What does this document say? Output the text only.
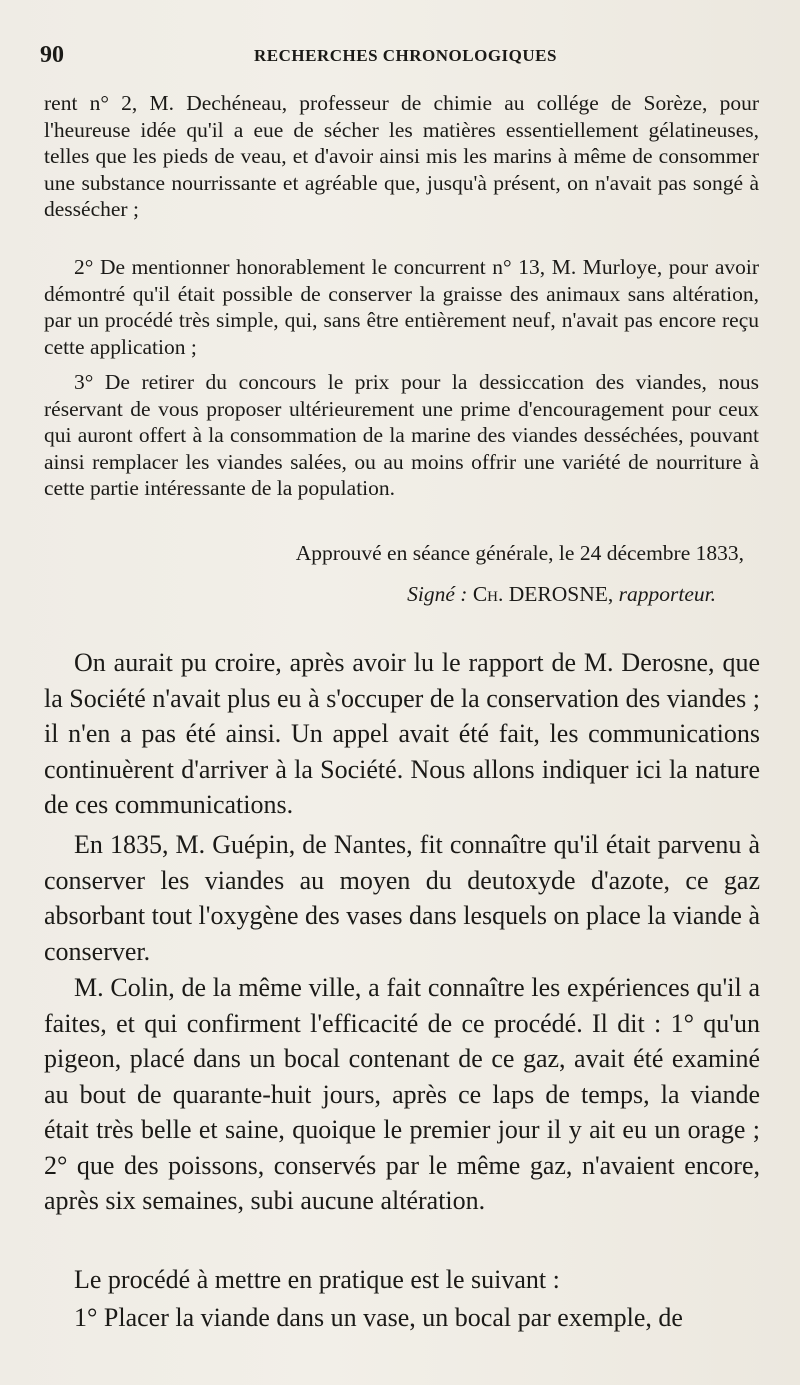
90	RECHERCHES CHRONOLOGIQUES

rent n° 2, M. Dechéneau, professeur de chimie au collége de Sorèze, pour l'heureuse idée qu'il a eue de sécher les matières essentiellement gélatineuses, telles que les pieds de veau, et d'avoir ainsi mis les marins à même de consommer une substance nourrissante et agréable que, jusqu'à présent, on n'avait pas songé à dessécher ;

2° De mentionner honorablement le concurrent n° 13, M. Murloye, pour avoir démontré qu'il était possible de conserver la graisse des animaux sans altération, par un procédé très simple, qui, sans être entièrement neuf, n'avait pas encore reçu cette application ;

3° De retirer du concours le prix pour la dessiccation des viandes, nous réservant de vous proposer ultérieurement une prime d'encouragement pour ceux qui auront offert à la consommation de la marine des viandes desséchées, pouvant ainsi remplacer les viandes salées, ou au moins offrir une variété de nourriture à cette partie intéressante de la population.

Approuvé en séance générale, le 24 décembre 1833,

Signé : Ch. DEROSNE, rapporteur.

On aurait pu croire, après avoir lu le rapport de M. Derosne, que la Société n'avait plus eu à s'occuper de la conservation des viandes ; il n'en a pas été ainsi. Un appel avait été fait, les communications continuèrent d'arriver à la Société. Nous allons indiquer ici la nature de ces communications.

En 1835, M. Guépin, de Nantes, fit connaître qu'il était parvenu à conserver les viandes au moyen du deutoxyde d'azote, ce gaz absorbant tout l'oxygène des vases dans lesquels on place la viande à conserver.

M. Colin, de la même ville, a fait connaître les expériences qu'il a faites, et qui confirment l'efficacité de ce procédé. Il dit : 1° qu'un pigeon, placé dans un bocal contenant de ce gaz, avait été examiné au bout de quarante-huit jours, après ce laps de temps, la viande était très belle et saine, quoique le premier jour il y ait eu un orage ; 2° que des poissons, conservés par le même gaz, n'avaient encore, après six semaines, subi aucune altération.

Le procédé à mettre en pratique est le suivant :

1° Placer la viande dans un vase, un bocal par exemple, de
